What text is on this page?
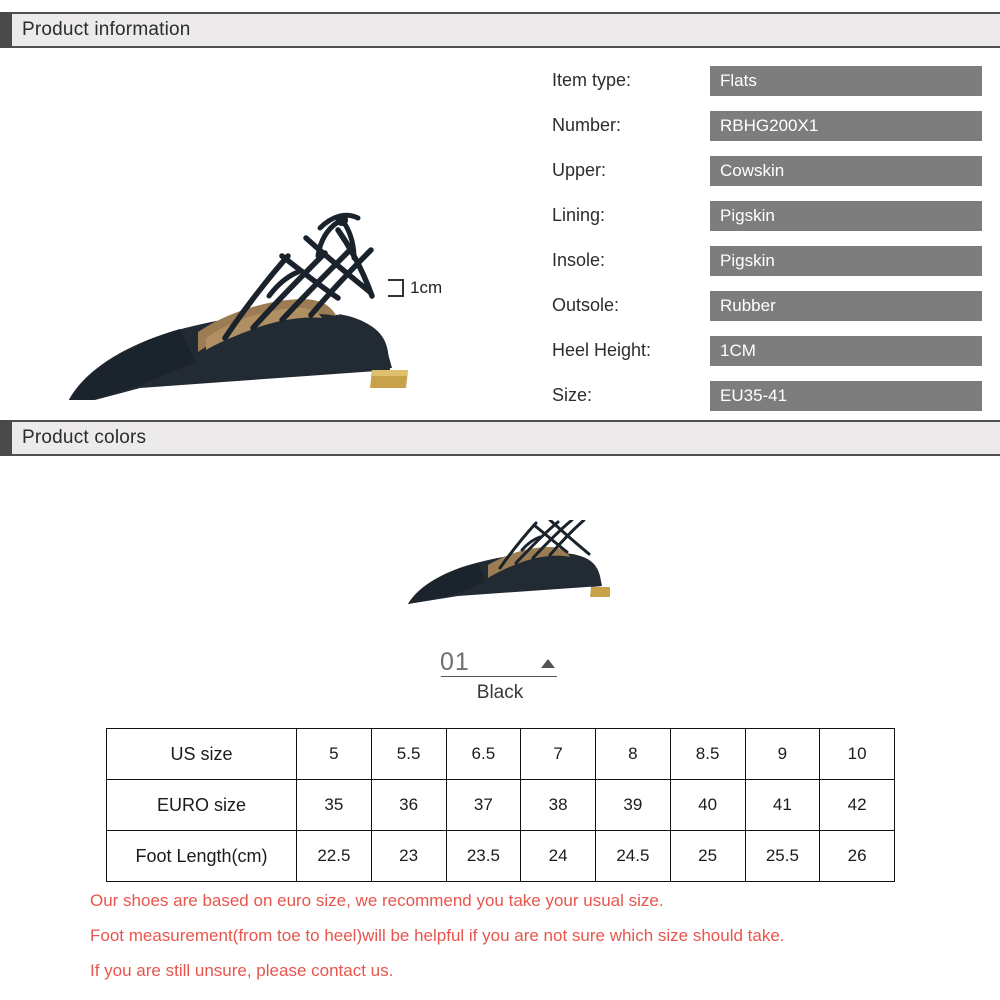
Product information
1cm
Item type:	Flats
Number:	RBHG200X1
Upper:	Cowskin
Lining:	Pigskin
Insole:	Pigskin
Outsole:	Rubber
Heel Height:	1CM
Size:	EU35-41
Product colors
01
Black
US size	5	5.5	6.5	7	8	8.5	9	10
EURO size	35	36	37	38	39	40	41	42
Foot Length(cm)	22.5	23	23.5	24	24.5	25	25.5	26

Our shoes are based on euro size, we recommend you take your usual size.

Foot measurement(from toe to heel)will be helpful if you are not sure which size should take.

If you are still unsure, please contact us.
